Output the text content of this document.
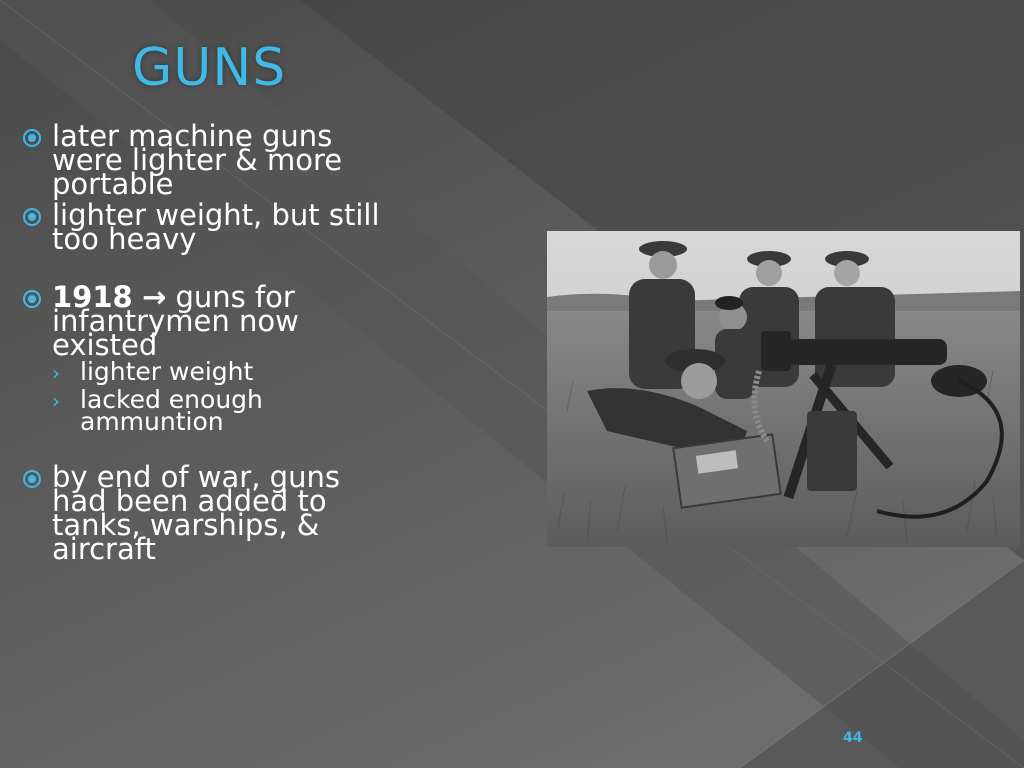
GUNS
later machine guns
were lighter & more
portable
lighter weight, but still
too heavy
1918 → guns for
infantrymen now
existed
› lighter weight
› lacked enough
ammuntion
by end of war, guns
had been added to
tanks, warships, &
aircraft
44
